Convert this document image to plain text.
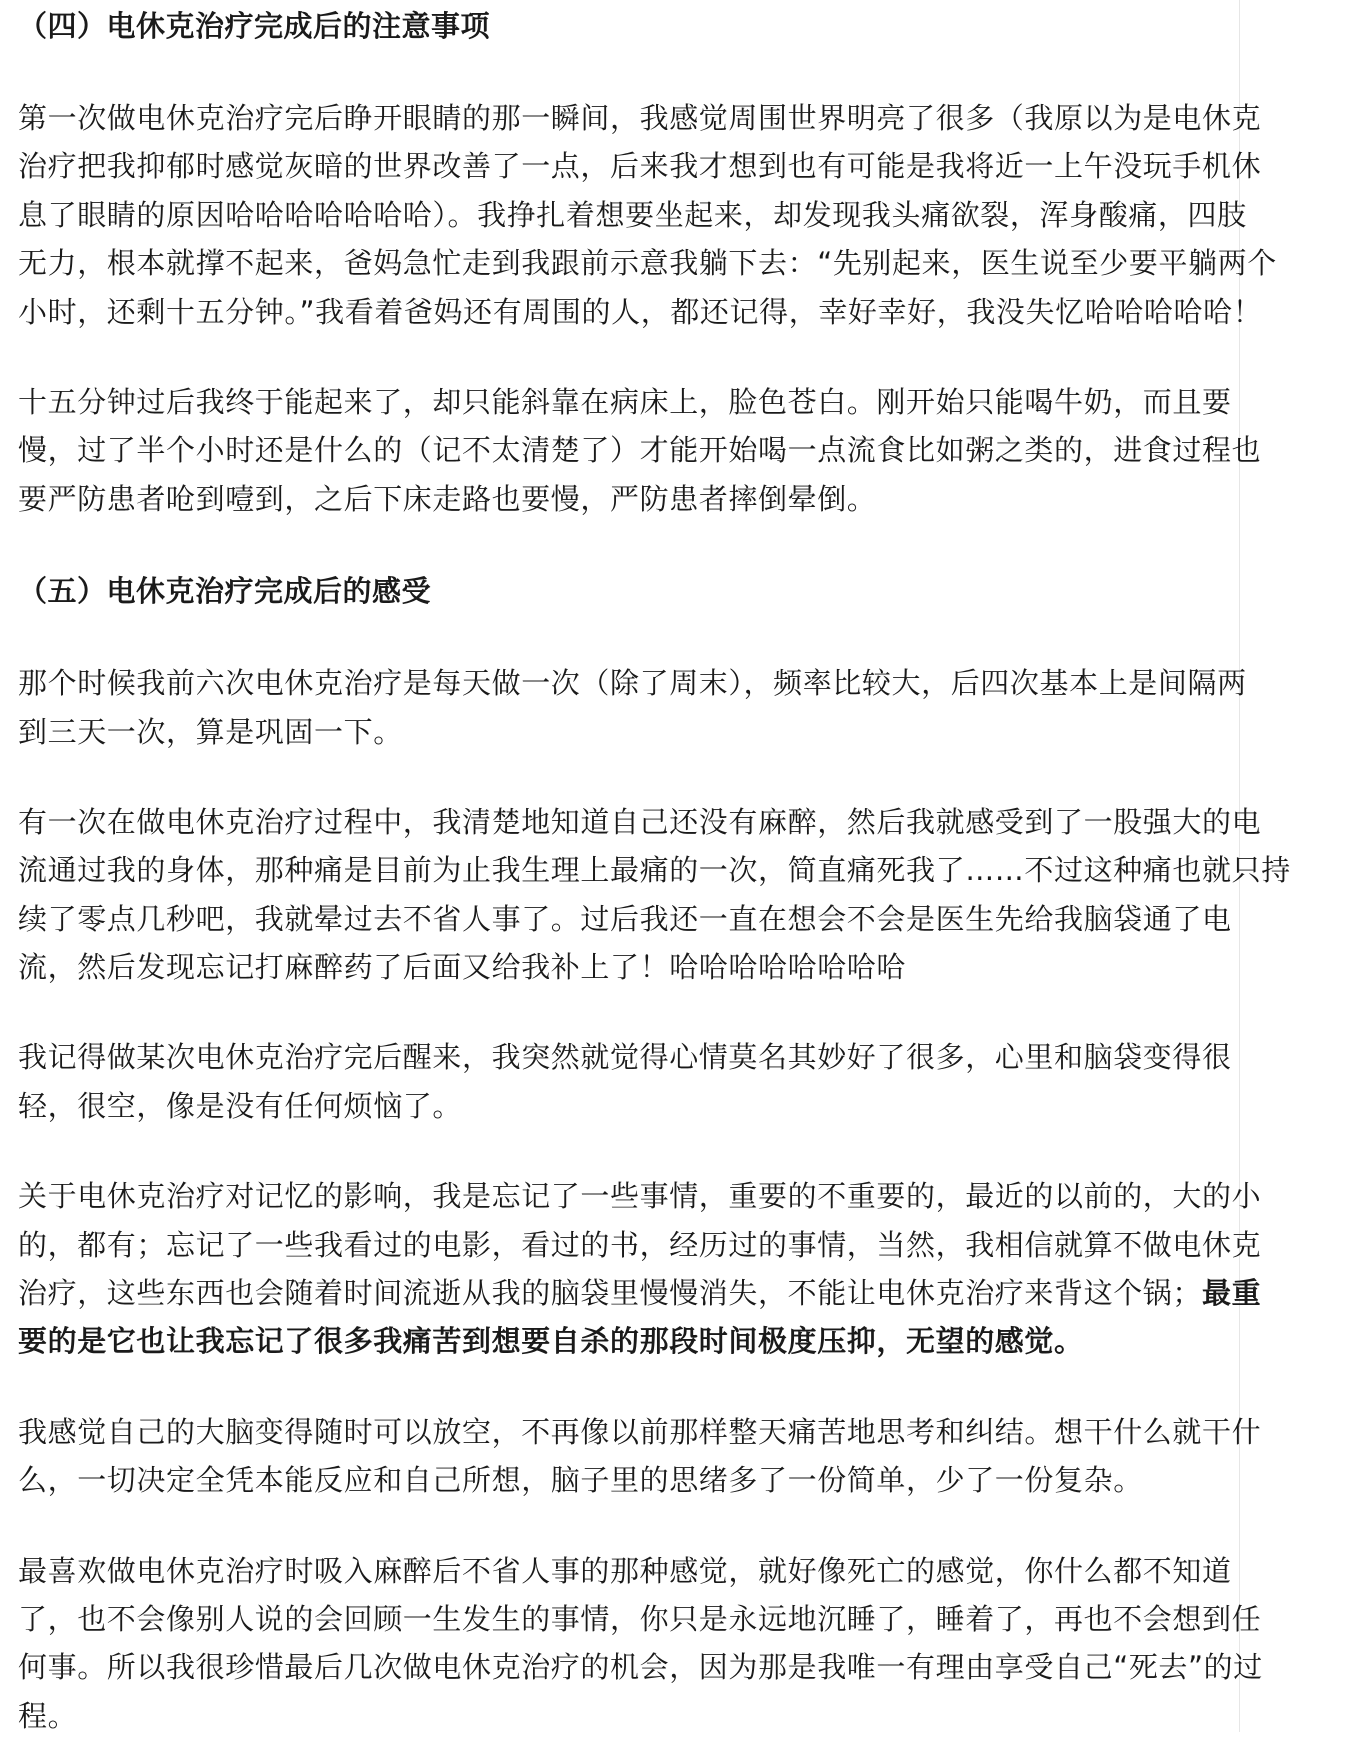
（四）电休克治疗完成后的注意事项

第一次做电休克治疗完后睁开眼睛的那一瞬间，我感觉周围世界明亮了很多（我原以为是电休克
治疗把我抑郁时感觉灰暗的世界改善了一点，后来我才想到也有可能是我将近一上午没玩手机休
息了眼睛的原因哈哈哈哈哈哈哈）。我挣扎着想要坐起来，却发现我头痛欲裂，浑身酸痛，四肢
无力，根本就撑不起来，爸妈急忙走到我跟前示意我躺下去：“先别起来，医生说至少要平躺两个
小时，还剩十五分钟。”我看着爸妈还有周围的人，都还记得，幸好幸好，我没失忆哈哈哈哈哈！

十五分钟过后我终于能起来了，却只能斜靠在病床上，脸色苍白。刚开始只能喝牛奶，而且要
慢，过了半个小时还是什么的（记不太清楚了）才能开始喝一点流食比如粥之类的，进食过程也
要严防患者呛到噎到，之后下床走路也要慢，严防患者摔倒晕倒。

（五）电休克治疗完成后的感受

那个时候我前六次电休克治疗是每天做一次（除了周末），频率比较大，后四次基本上是间隔两
到三天一次，算是巩固一下。

有一次在做电休克治疗过程中，我清楚地知道自己还没有麻醉，然后我就感受到了一股强大的电
流通过我的身体，那种痛是目前为止我生理上最痛的一次，简直痛死我了……不过这种痛也就只持
续了零点几秒吧，我就晕过去不省人事了。过后我还一直在想会不会是医生先给我脑袋通了电
流，然后发现忘记打麻醉药了后面又给我补上了！哈哈哈哈哈哈哈哈

我记得做某次电休克治疗完后醒来，我突然就觉得心情莫名其妙好了很多，心里和脑袋变得很
轻，很空，像是没有任何烦恼了。

关于电休克治疗对记忆的影响，我是忘记了一些事情，重要的不重要的，最近的以前的，大的小
的，都有；忘记了一些我看过的电影，看过的书，经历过的事情，当然，我相信就算不做电休克
治疗，这些东西也会随着时间流逝从我的脑袋里慢慢消失，不能让电休克治疗来背这个锅；最重
要的是它也让我忘记了很多我痛苦到想要自杀的那段时间极度压抑，无望的感觉。

我感觉自己的大脑变得随时可以放空，不再像以前那样整天痛苦地思考和纠结。想干什么就干什
么，一切决定全凭本能反应和自己所想，脑子里的思绪多了一份简单，少了一份复杂。

最喜欢做电休克治疗时吸入麻醉后不省人事的那种感觉，就好像死亡的感觉，你什么都不知道
了，也不会像别人说的会回顾一生发生的事情，你只是永远地沉睡了，睡着了，再也不会想到任
何事。所以我很珍惜最后几次做电休克治疗的机会，因为那是我唯一有理由享受自己“死去”的过
程。
